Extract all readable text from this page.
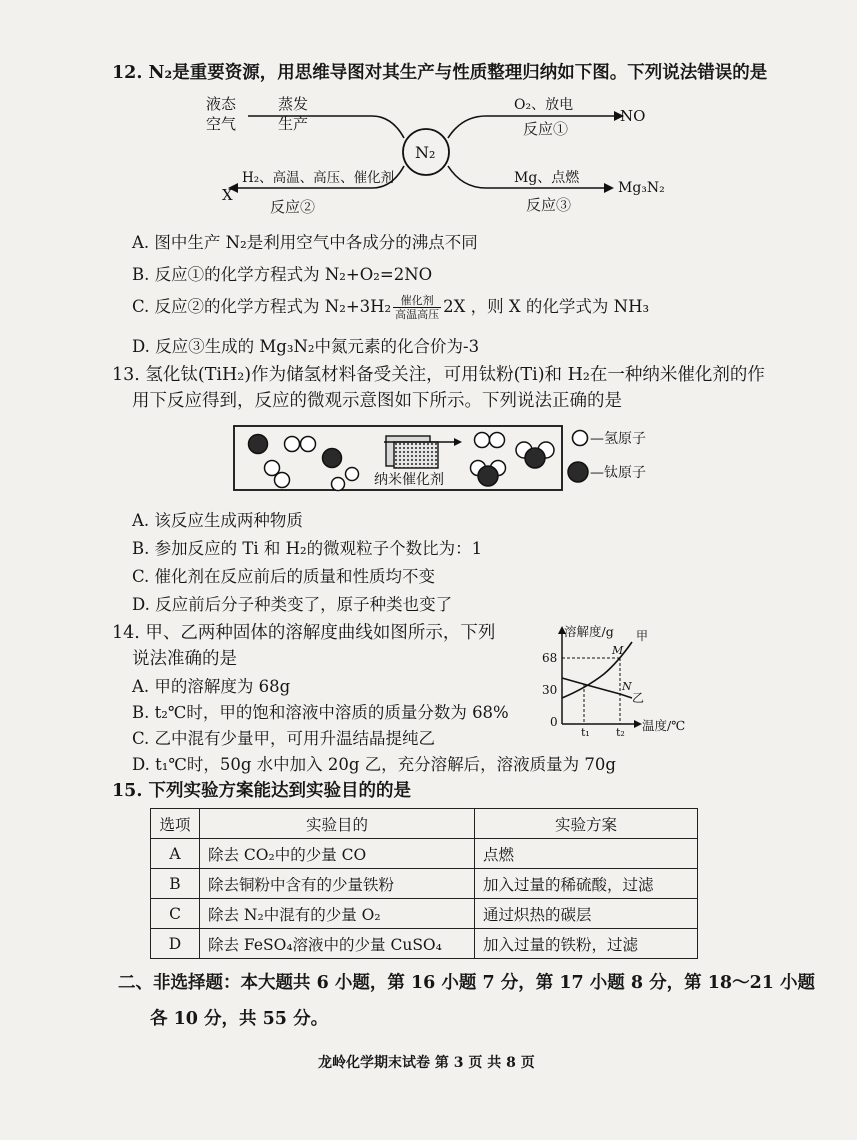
12. N₂是重要资源，用思维导图对其生产与性质整理归纳如下图。下列说法错误的是
液态
空气
蒸发
生产
N₂
O₂、放电
反应①
NO
H₂、高温、高压、催化剂
反应②
X
Mg、点燃
反应③
Mg₃N₂
A. 图中生产 N₂是利用空气中各成分的沸点不同
B. 反应①的化学方程式为 N₂+O₂=2NO
C. 反应②的化学方程式为 $N_2+3H_2 \frac{\text{催化剂}}{\text{高温高压}} 2X$ ，则 X 的化学式为 NH₃
D. 反应③生成的 Mg₃N₂中氮元素的化合价为-3
13. 氢化钛(TiH₂)作为储氢材料备受关注，可用钛粉(Ti)和 H₂在一种纳米催化剂的作
用下反应得到，反应的微观示意图如下所示。下列说法正确的是
纳米催化剂
—氢原子
—钛原子
A. 该反应生成两种物质
B. 参加反应的 Ti 和 H₂的微观粒子个数比为：1
C. 催化剂在反应前后的质量和性质均不变
D. 反应前后分子种类变了，原子种类也变了
14. 甲、乙两种固体的溶解度曲线如图所示，下列
说法准确的是
溶解度/g
温度/℃
68
30
0
t₁ t₂
M
甲
N
乙
A. 甲的溶解度为 68g
B. t₂℃时，甲的饱和溶液中溶质的质量分数为 68%
C. 乙中混有少量甲，可用升温结晶提纯乙
D. t₁℃时，50g 水中加入 20g 乙，充分溶解后，溶液质量为 70g
15. 下列实验方案能达到实验目的的是
选项	实验目的	实验方案
A	除去 CO₂中的少量 CO	点燃
B	除去铜粉中含有的少量铁粉	加入过量的稀硫酸，过滤
C	除去 N₂中混有的少量 O₂	通过炽热的碳层
D	除去 FeSO₄溶液中的少量 CuSO₄	加入过量的铁粉，过滤
二、非选择题：本大题共 6 小题，第 16 小题 7 分，第 17 小题 8 分，第 18～21 小题
各 10 分，共 55 分。
龙岭化学期末试卷 第 3 页 共 8 页
